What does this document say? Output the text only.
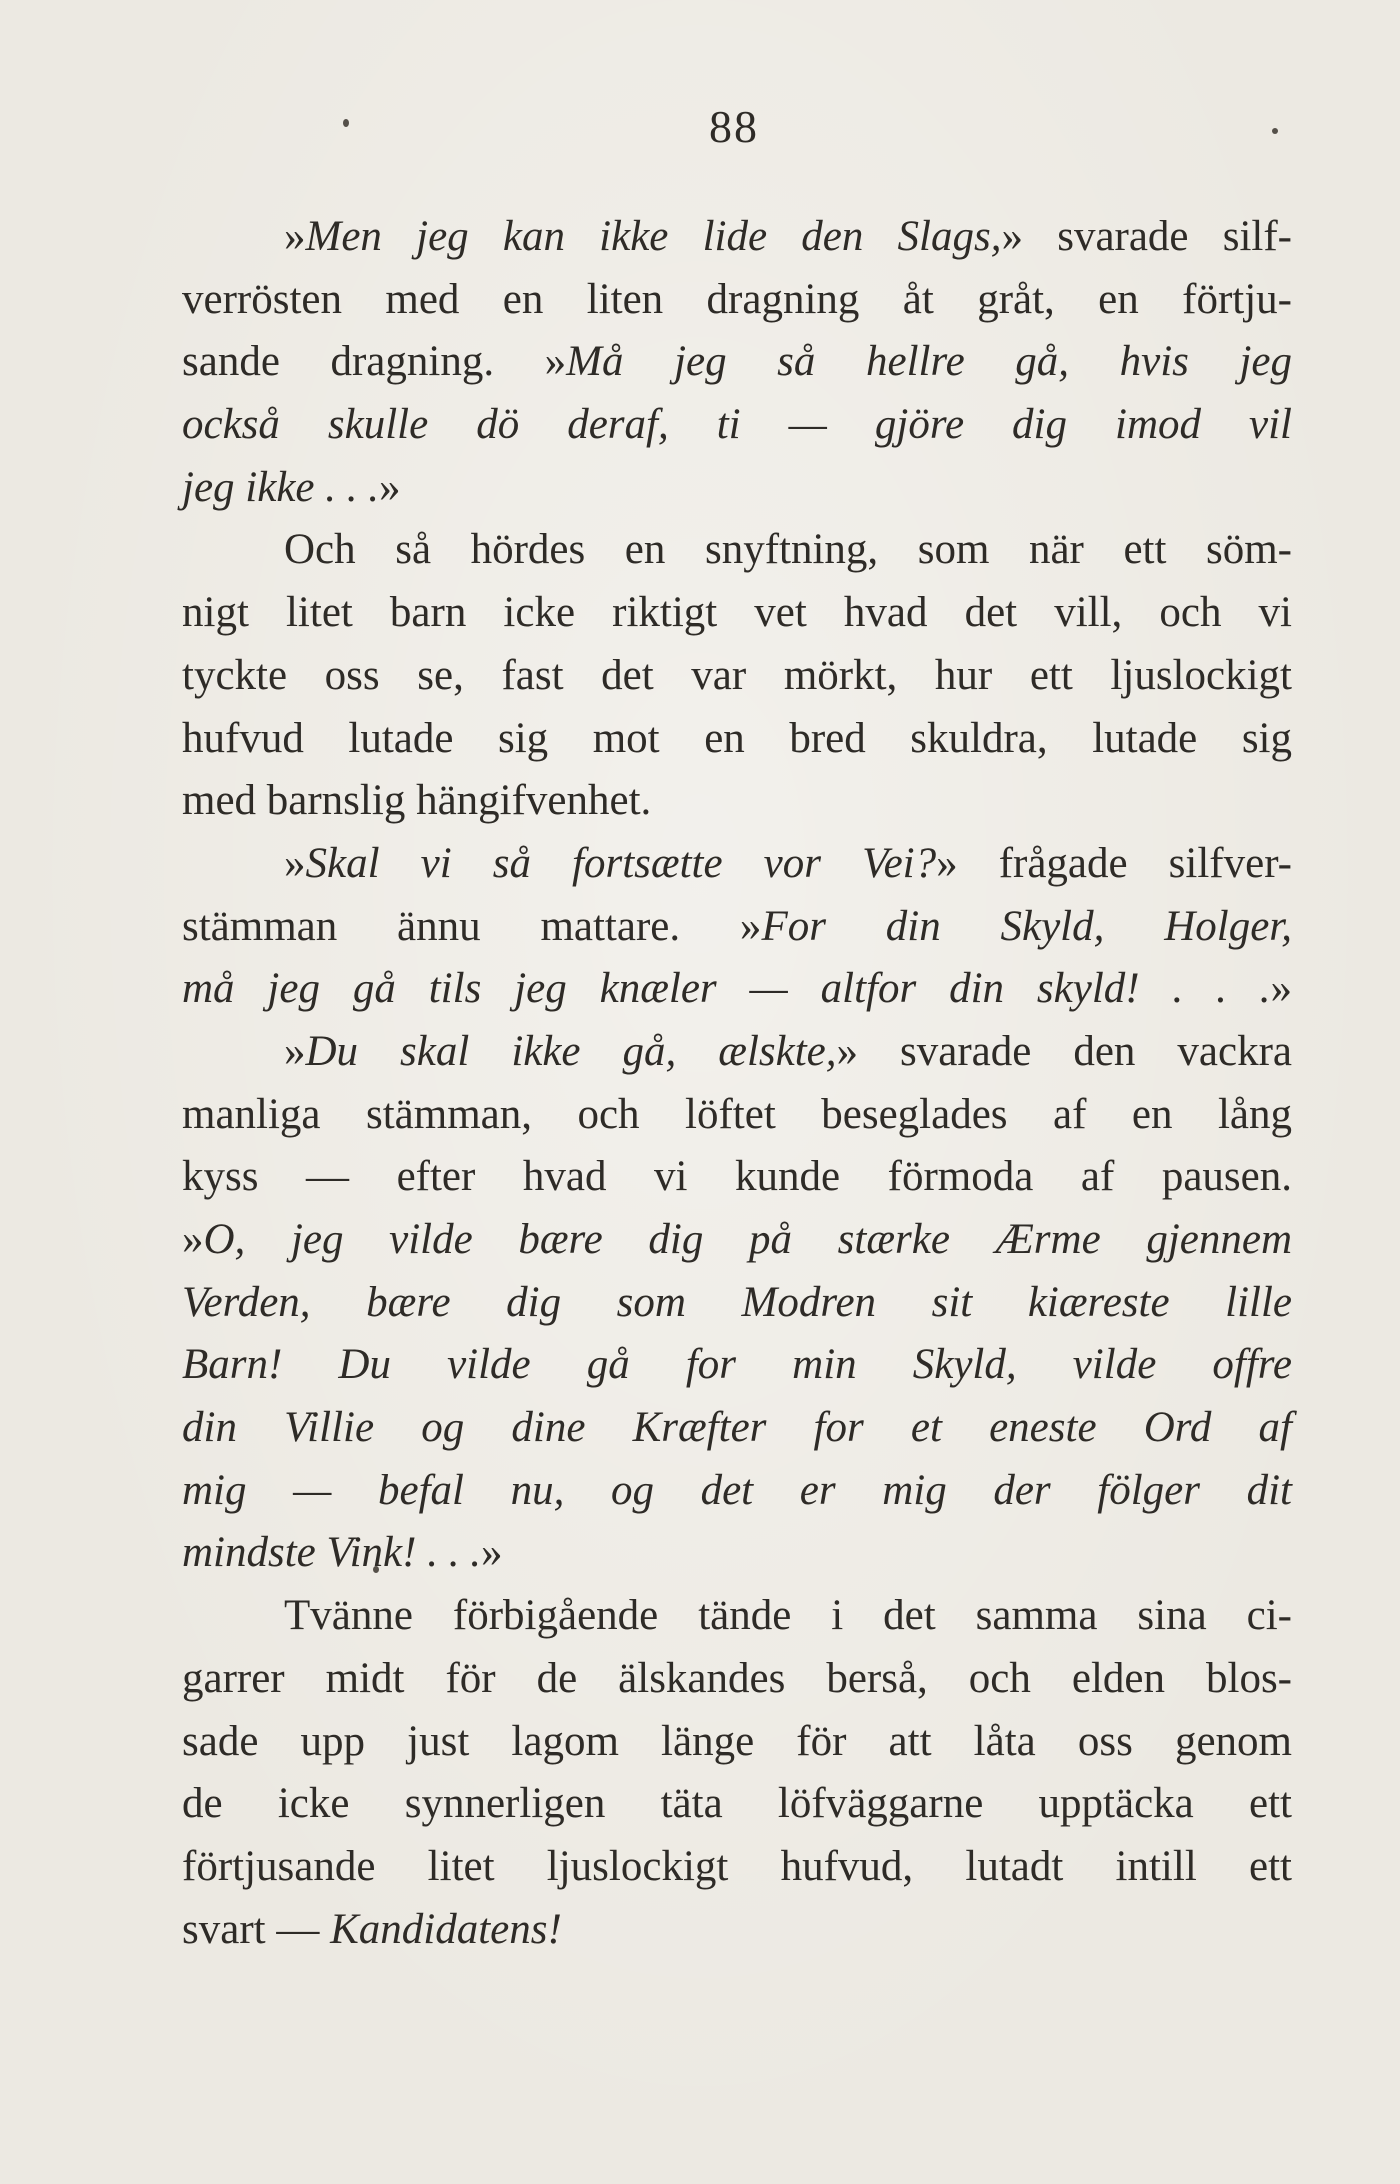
88
»Men jeg kan ikke lide den Slags,» svarade silf-
verrösten med en liten dragning åt gråt, en förtju-
sande dragning. »Må jeg så hellre gå, hvis jeg
också skulle dö deraf, ti — gjöre dig imod vil
jeg ikke . . .»
Och så hördes en snyftning, som när ett söm-
nigt litet barn icke riktigt vet hvad det vill, och vi
tyckte oss se, fast det var mörkt, hur ett ljuslockigt
hufvud lutade sig mot en bred skuldra, lutade sig
med barnslig hängifvenhet.
»Skal vi så fortsætte vor Vei?» frågade silfver-
stämman ännu mattare. »For din Skyld, Holger,
må jeg gå tils jeg knæler — altfor din skyld! . . .»
»Du skal ikke gå, ælskte,» svarade den vackra
manliga stämman, och löftet beseglades af en lång
kyss — efter hvad vi kunde förmoda af pausen.
»O, jeg vilde bære dig på stærke Ærme gjennem
Verden, bære dig som Modren sit kiæreste lille
Barn! Du vilde gå for min Skyld, vilde offre
din Villie og dine Kræfter for et eneste Ord af
mig — befal nu, og det er mig der fölger dit
mindste Vink! . . .»
Tvänne förbigående tände i det samma sina ci-
garrer midt för de älskandes berså, och elden blos-
sade upp just lagom länge för att låta oss genom
de icke synnerligen täta löfväggarne upptäcka ett
förtjusande litet ljuslockigt hufvud, lutadt intill ett
svart — Kandidatens!
